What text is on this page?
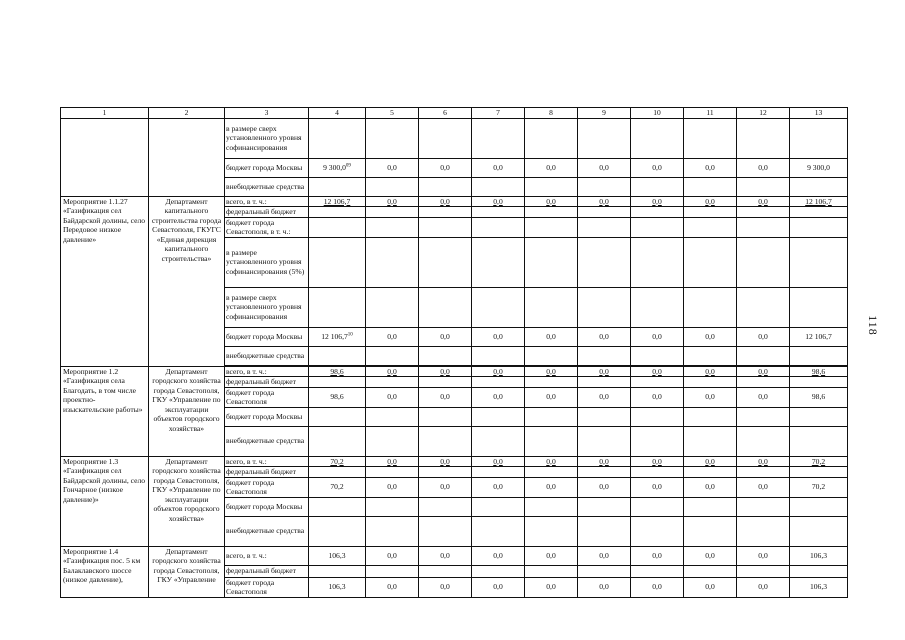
1	2	3	4	5	6	7	8	9	10	11	12	13
		в размере сверх установленного уровня софинансирования										
		бюджет города Москвы	9 300,0$^{09}$	0,0	0,0	0,0	0,0	0,0	0,0	0,0	0,0	9 300,0
		внебюджетные средства										
Мероприятие 1.1.27 «Газификация сел Байдарской долины, село Передовое низкое давление»	Департамент капитального строительства города Севастополя, ГКУГС «Единая дирекция капитального строительства»	всего, в т. ч.:	12 106,7	0,0	0,0	0,0	0,0	0,0	0,0	0,0	0,0	12 106,7
		федеральный бюджет										
		бюджет города Севастополя, в т. ч.:										
		в размере установленного уровня софинансирования (5%)										
		в размере сверх установленного уровня софинансирования										
		бюджет города Москвы	12 106,7$^{10}$	0,0	0,0	0,0	0,0	0,0	0,0	0,0	0,0	12 106,7
		внебюджетные средства										

Мероприятие 1.2 «Газификация села Благодать, в том числе проектно-изыскательские работы»	Департамент городского хозяйства города Севастополя, ГКУ «Управление по эксплуатации объектов городского хозяйства»	всего, в т. ч.:	98,6	0,0	0,0	0,0	0,0	0,0	0,0	0,0	0,0	98,6
		федеральный бюджет										
		бюджет города Севастополя	98,6	0,0	0,0	0,0	0,0	0,0	0,0	0,0	0,0	98,6
		бюджет города Москвы										
		внебюджетные средства										
Мероприятие 1.3 «Газификация сел Байдарской долины, село Гончарное (низкое давление)»	Департамент городского хозяйства города Севастополя, ГКУ «Управление по эксплуатации объектов городского хозяйства»	всего, в т. ч.:	70,2	0,0	0,0	0,0	0,0	0,0	0,0	0,0	0,0	70,2
		федеральный бюджет										
		бюджет города Севастополя	70,2	0,0	0,0	0,0	0,0	0,0	0,0	0,0	0,0	70,2
		бюджет города Москвы										
		внебюджетные средства										
Мероприятие 1.4 «Газификация пос. 5 км Балаклавского шоссе (низкое давление),	Департамент городского хозяйства города Севастополя, ГКУ «Управление	всего, в т. ч.:	106,3	0,0	0,0	0,0	0,0	0,0	0,0	0,0	0,0	106,3
		федеральный бюджет										
		бюджет города Севастополя	106,3	0,0	0,0	0,0	0,0	0,0	0,0	0,0	0,0	106,3
118
